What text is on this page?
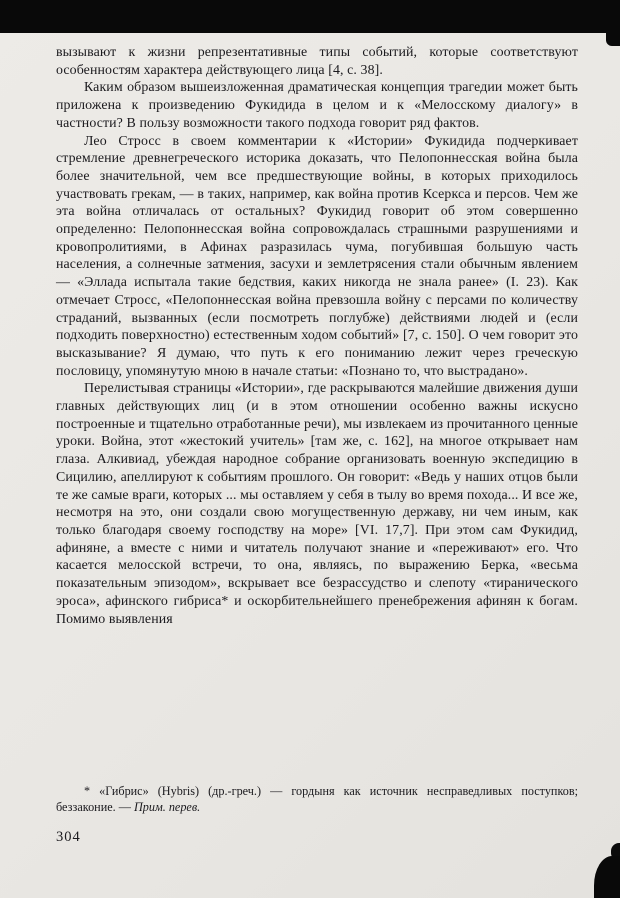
вызывают к жизни репрезентативные типы событий, которые соответствуют особенностям характера действующего лица [4, с. 38].

Каким образом вышеизложенная драматическая концепция трагедии может быть приложена к произведению Фукидида в целом и к «Мелосскому диалогу» в частности? В пользу возможности такого подхода говорит ряд фактов.

Лео Стросс в своем комментарии к «Истории» Фукидида подчеркивает стремление древнегреческого историка доказать, что Пелопоннесская война была более значительной, чем все предшествующие войны, в которых приходилось участвовать грекам, — в таких, например, как война против Ксеркса и персов. Чем же эта война отличалась от остальных? Фукидид говорит об этом совершенно определенно: Пелопоннесская война сопровождалась страшными разрушениями и кровопролитиями, в Афинах разразилась чума, погубившая большую часть населения, а солнечные затмения, засухи и землетрясения стали обычным явлением — «Эллада испытала такие бедствия, каких никогда не знала ранее» (I. 23). Как отмечает Стросс, «Пелопоннесская война превзошла войну с персами по количеству страданий, вызванных (если посмотреть поглубже) действиями людей и (если подходить поверхностно) естественным ходом событий» [7, с. 150]. О чем говорит это высказывание? Я думаю, что путь к его пониманию лежит через греческую пословицу, упомянутую мною в начале статьи: «Познано то, что выстрадано».

Перелистывая страницы «Истории», где раскрываются малейшие движения души главных действующих лиц (и в этом отношении особенно важны искусно построенные и тщательно отработанные речи), мы извлекаем из прочитанного ценные уроки. Война, этот «жестокий учитель» [там же, с. 162], на многое открывает нам глаза. Алкивиад, убеждая народное собрание организовать военную экспедицию в Сицилию, апеллируют к событиям прошлого. Он говорит: «Ведь у наших отцов были те же самые враги, которых ... мы оставляем у себя в тылу во время похода... И все же, несмотря на это, они создали свою могущественную державу, ни чем иным, как только благодаря своему господству на море» [VI. 17,7]. При этом сам Фукидид, афиняне, а вместе с ними и читатель получают знание и «переживают» его. Что касается мелосской встречи, то она, являясь, по выражению Берка, «весьма показательным эпизодом», вскрывает все безрассудство и слепоту «тиранического эроса», афинского гибриса* и оскорбительнейшего пренебрежения афинян к богам. Помимо выявления

* «Гибрис» (Hybris) (др.-греч.) — гордыня как источник несправедливых поступков; беззаконие. — Прим. перев.

304
